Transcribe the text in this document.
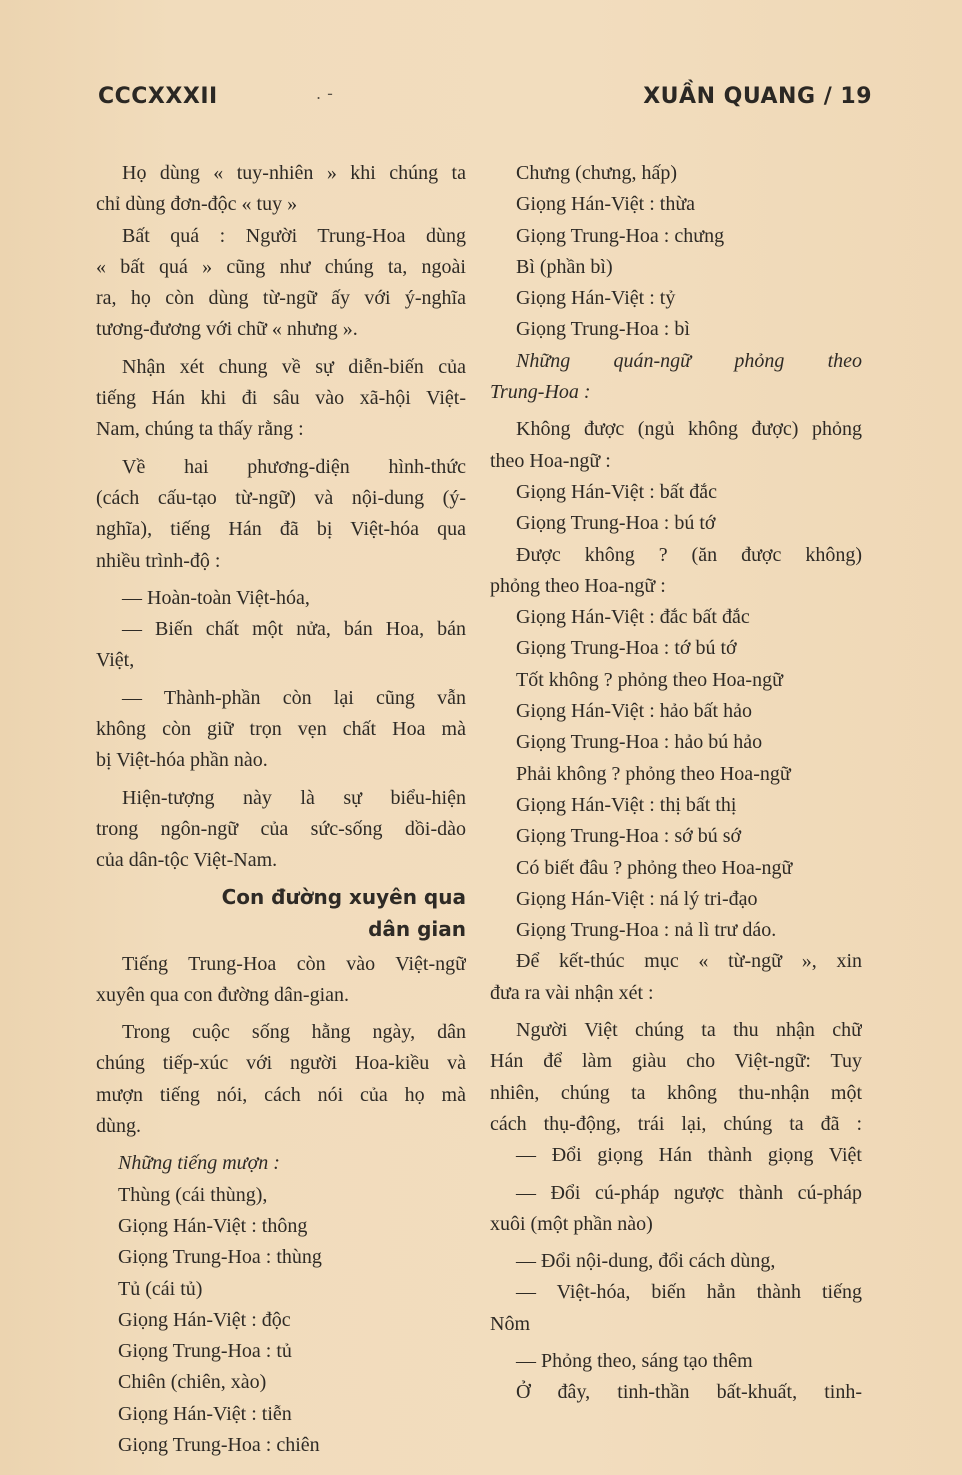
CCCXXXII	. -	XUẦN QUANG / 19
Họ dùng « tuy-nhiên » khi chúng ta
chỉ dùng đơn-độc « tuy »
Bất quá : Người Trung-Hoa dùng
« bất quá » cũng như chúng ta, ngoài
ra, họ còn dùng từ-ngữ ấy với ý-nghĩa
tương-đương với chữ « nhưng ».
Nhận xét chung về sự diễn-biến của
tiếng Hán khi đi sâu vào xã-hội Việt-
Nam, chúng ta thấy rằng :
Về hai phương-diện hình-thức
(cách cấu-tạo từ-ngữ) và nội-dung (ý-
nghĩa), tiếng Hán đã bị Việt-hóa qua
nhiều trình-độ :
— Hoàn-toàn Việt-hóa,
— Biến chất một nửa, bán Hoa, bán
Việt,
— Thành-phần còn lại cũng vẫn
không còn giữ trọn vẹn chất Hoa mà
bị Việt-hóa phần nào.
Hiện-tượng này là sự biểu-hiện
trong ngôn-ngữ của sức-sống dồi-dào
của dân-tộc Việt-Nam.
Con đường xuyên qua
dân gian
Tiếng Trung-Hoa còn vào Việt-ngữ
xuyên qua con đường dân-gian.
Trong cuộc sống hằng ngày, dân
chúng tiếp-xúc với người Hoa-kiều và
mượn tiếng nói, cách nói của họ mà
dùng.
Những tiếng mượn :
Thùng (cái thùng),
Giọng Hán-Việt : thông
Giọng Trung-Hoa : thùng
Tủ (cái tủ)
Giọng Hán-Việt : độc
Giọng Trung-Hoa : tủ
Chiên (chiên, xào)
Giọng Hán-Việt : tiễn
Giọng Trung-Hoa : chiên
Chưng (chưng, hấp)
Giọng Hán-Việt : thừa
Giọng Trung-Hoa : chưng
Bì (phần bì)
Giọng Hán-Việt : tỷ
Giọng Trung-Hoa : bì
Những quán-ngữ phỏng theo
Trung-Hoa :
Không được (ngủ không được) phỏng
theo Hoa-ngữ :
Giọng Hán-Việt : bất đắc
Giọng Trung-Hoa : bú tớ
Được không ? (ăn được không)
phỏng theo Hoa-ngữ :
Giọng Hán-Việt : đắc bất đắc
Giọng Trung-Hoa : tớ bú tớ
Tốt không ? phỏng theo Hoa-ngữ
Giọng Hán-Việt : hảo bất hảo
Giọng Trung-Hoa : hảo bú hảo
Phải không ? phỏng theo Hoa-ngữ
Giọng Hán-Việt : thị bất thị
Giọng Trung-Hoa : sớ bú sớ
Có biết đâu ? phỏng theo Hoa-ngữ
Giọng Hán-Việt : ná lý tri-đạo
Giọng Trung-Hoa : nả lì trư dáo.
Để kết-thúc mục « từ-ngữ », xin
đưa ra vài nhận xét :
Người Việt chúng ta thu nhận chữ
Hán để làm giàu cho Việt-ngữ: Tuy
nhiên, chúng ta không thu-nhận một
cách thụ-động, trái lại, chúng ta đã :
— Đổi giọng Hán thành giọng Việt
— Đổi cú-pháp ngược thành cú-pháp
xuôi (một phần nào)
— Đổi nội-dung, đổi cách dùng,
— Việt-hóa, biến hẳn thành tiếng
Nôm
— Phỏng theo, sáng tạo thêm
Ở đây, tinh-thần bất-khuất, tinh-
